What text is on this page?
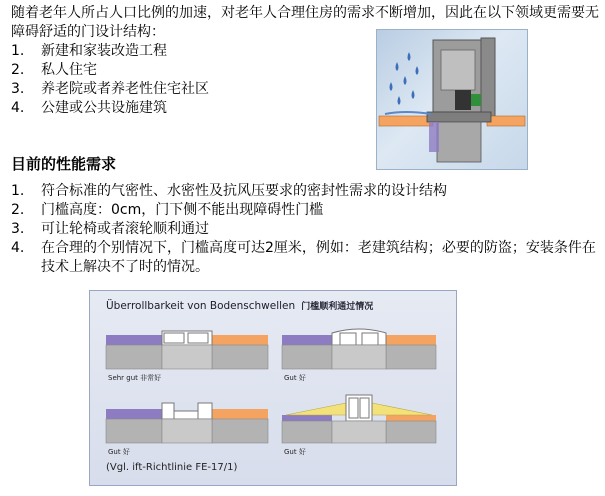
随着老年人所占人口比例的加速，对老年人合理住房的需求不断增加，因此在以下领域更需要无障碍舒适的门设计结构：

1. 新建和家装改造工程
2. 私人住宅
3. 养老院或者养老性住宅社区
4. 公建或公共设施建筑

目前的性能需求

1. 符合标准的气密性、水密性及抗风压要求的密封性需求的设计结构
2. 门槛高度：0cm，门下侧不能出现障碍性门槛
3. 可让轮椅或者滚轮顺利通过
4. 在合理的个别情况下，门槛高度可达2厘米，例如：老建筑结构；必要的防盗；安装条件在技术上解决不了时的情况。
Überrollbarkeit von Bodenschwellen 门槛顺利通过情况
Sehr gut 非常好	Gut 好
Gut 好	Gut 好
(Vgl. ift-Richtlinie FE-17/1)
